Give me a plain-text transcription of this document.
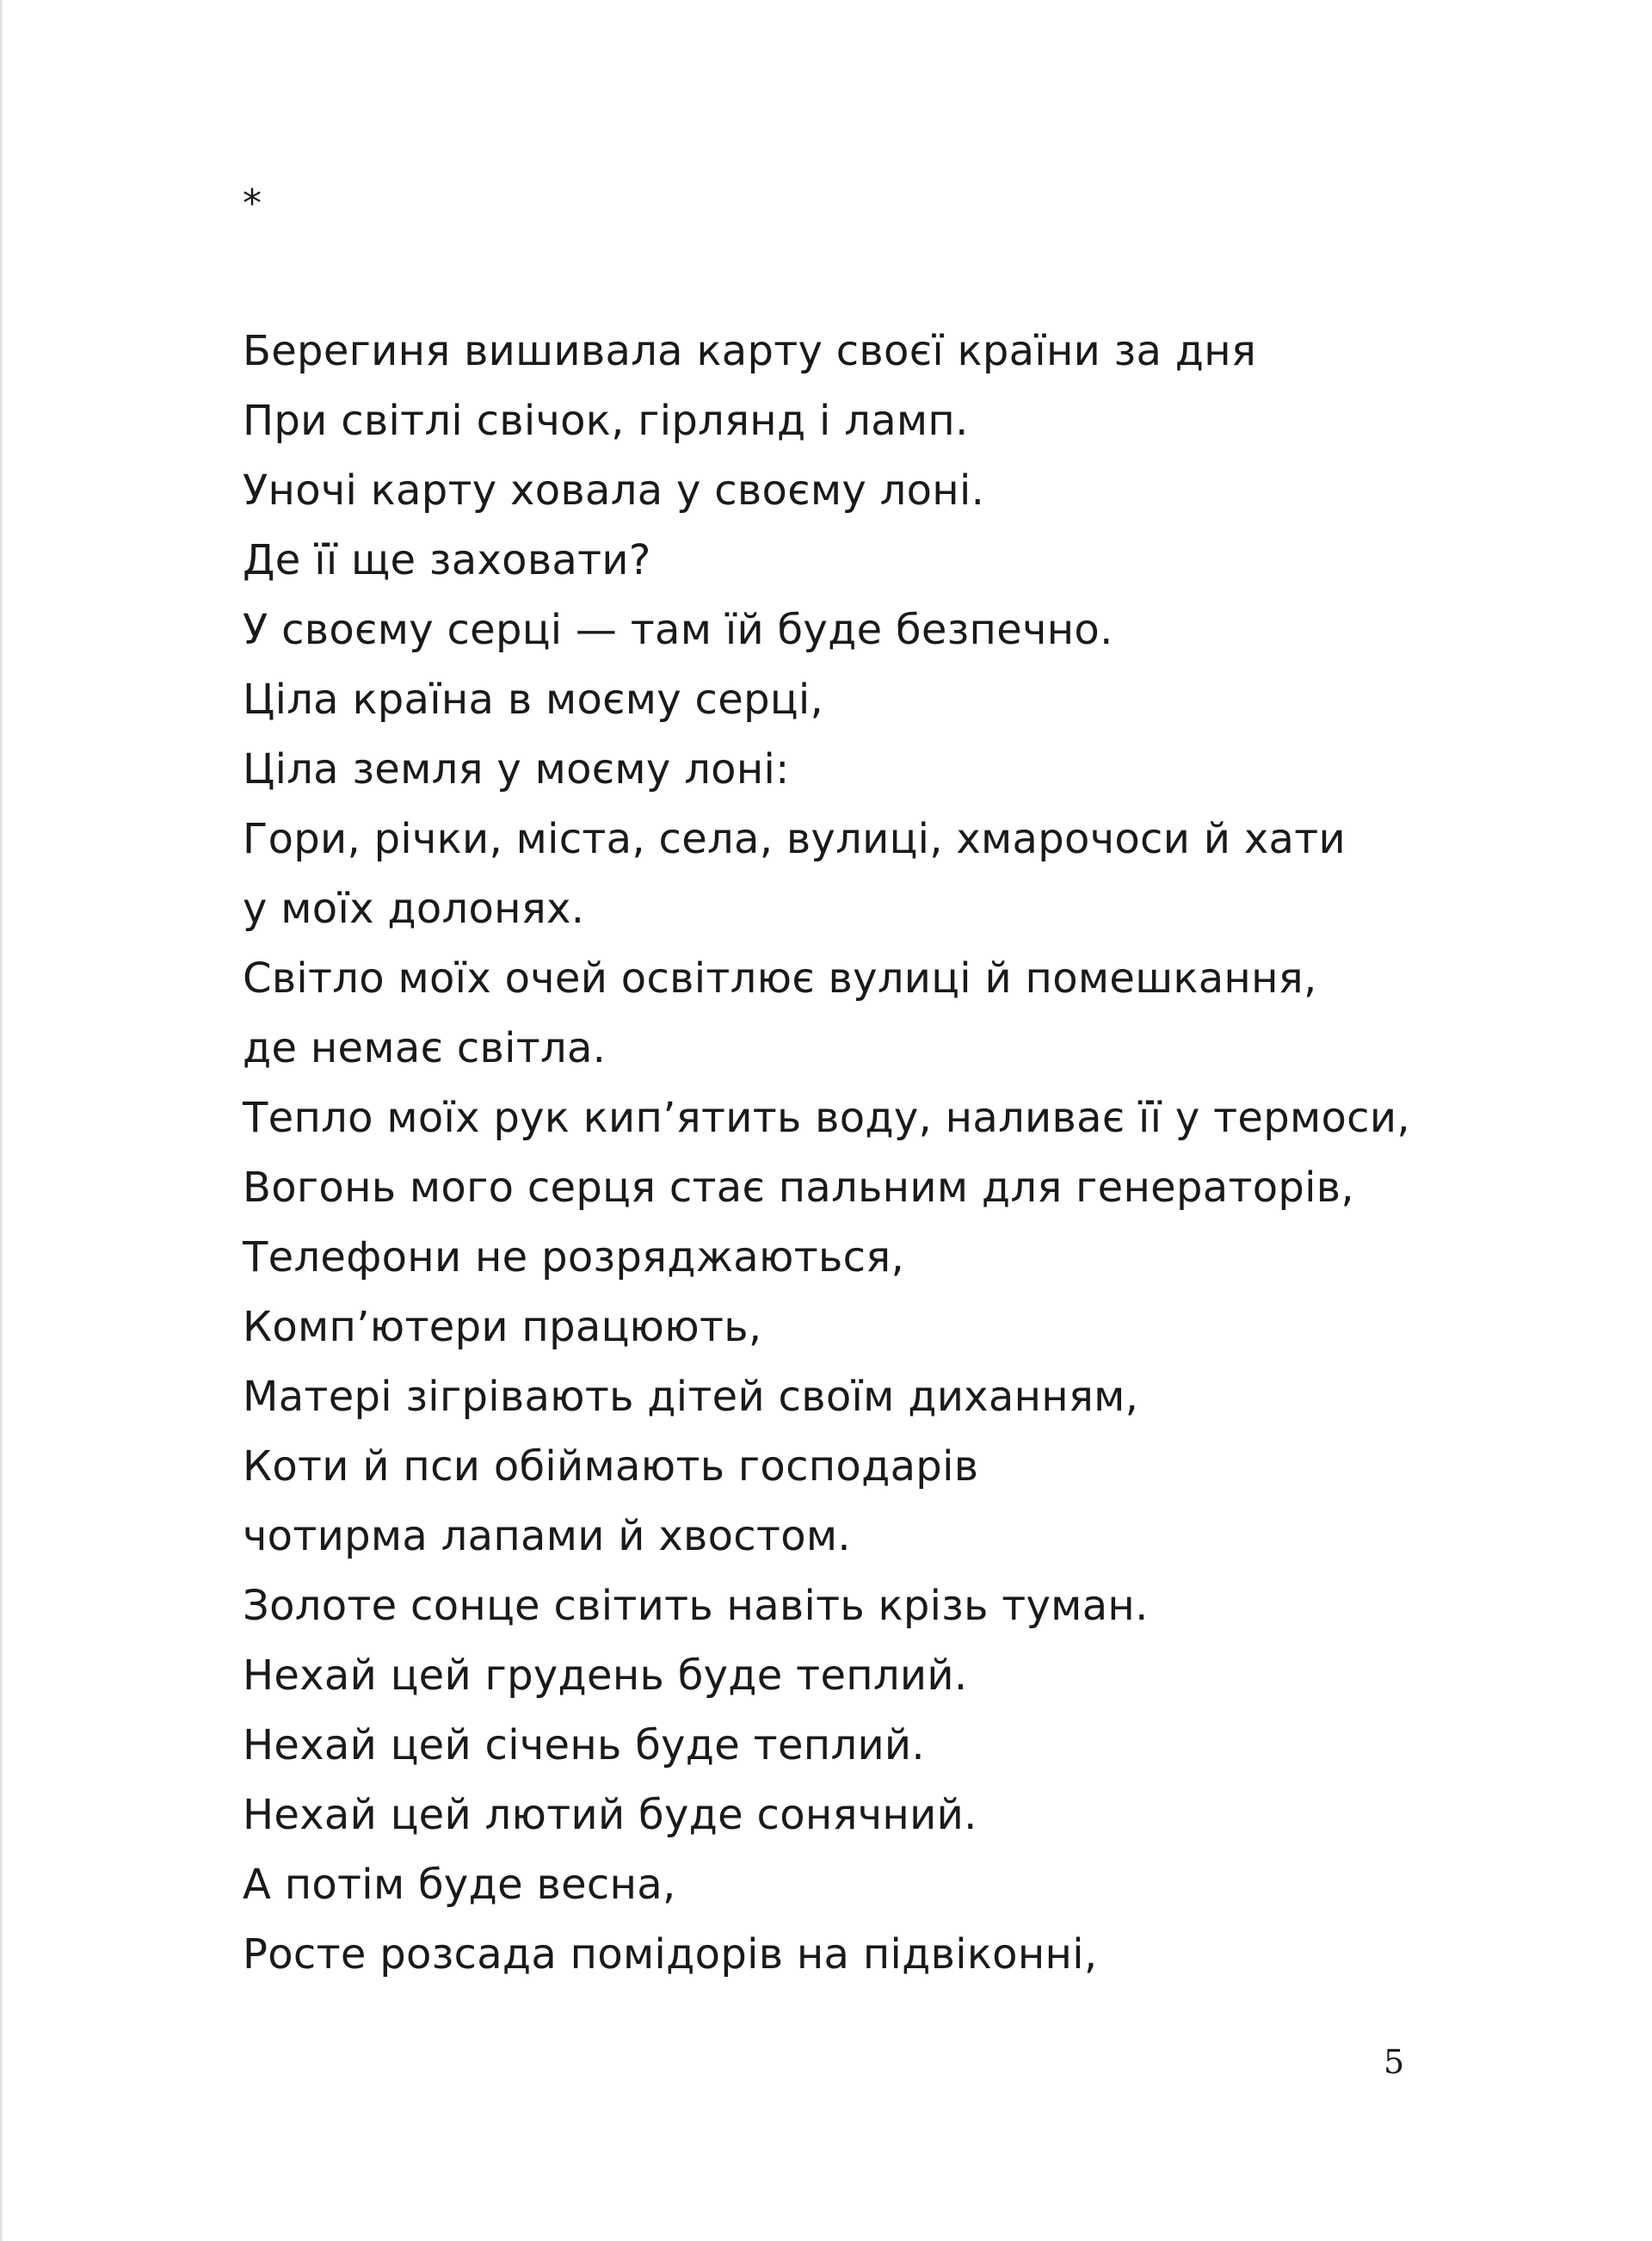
*

Берегиня вишивала карту своєї країни за дня
При світлі свічок, гірлянд і ламп.
Уночі карту ховала у своєму лоні.
Де її ще заховати?
У своєму серці — там їй буде безпечно.
Ціла країна в моєму серці,
Ціла земля у моєму лоні:
Гори, річки, міста, села, вулиці, хмарочоси й хати
у моїх долонях.
Світло моїх очей освітлює вулиці й помешкання,
де немає світла.
Тепло моїх рук кип’ятить воду, наливає її у термоси,
Вогонь мого серця стає пальним для генераторів,
Телефони не розряджаються,
Комп’ютери працюють,
Матері зігрівають дітей своїм диханням,
Коти й пси обіймають господарів
чотирма лапами й хвостом.
Золоте сонце світить навіть крізь туман.
Нехай цей грудень буде теплий.
Нехай цей січень буде теплий.
Нехай цей лютий буде сонячний.
А потім буде весна,
Росте розсада помідорів на підвіконні,

5
